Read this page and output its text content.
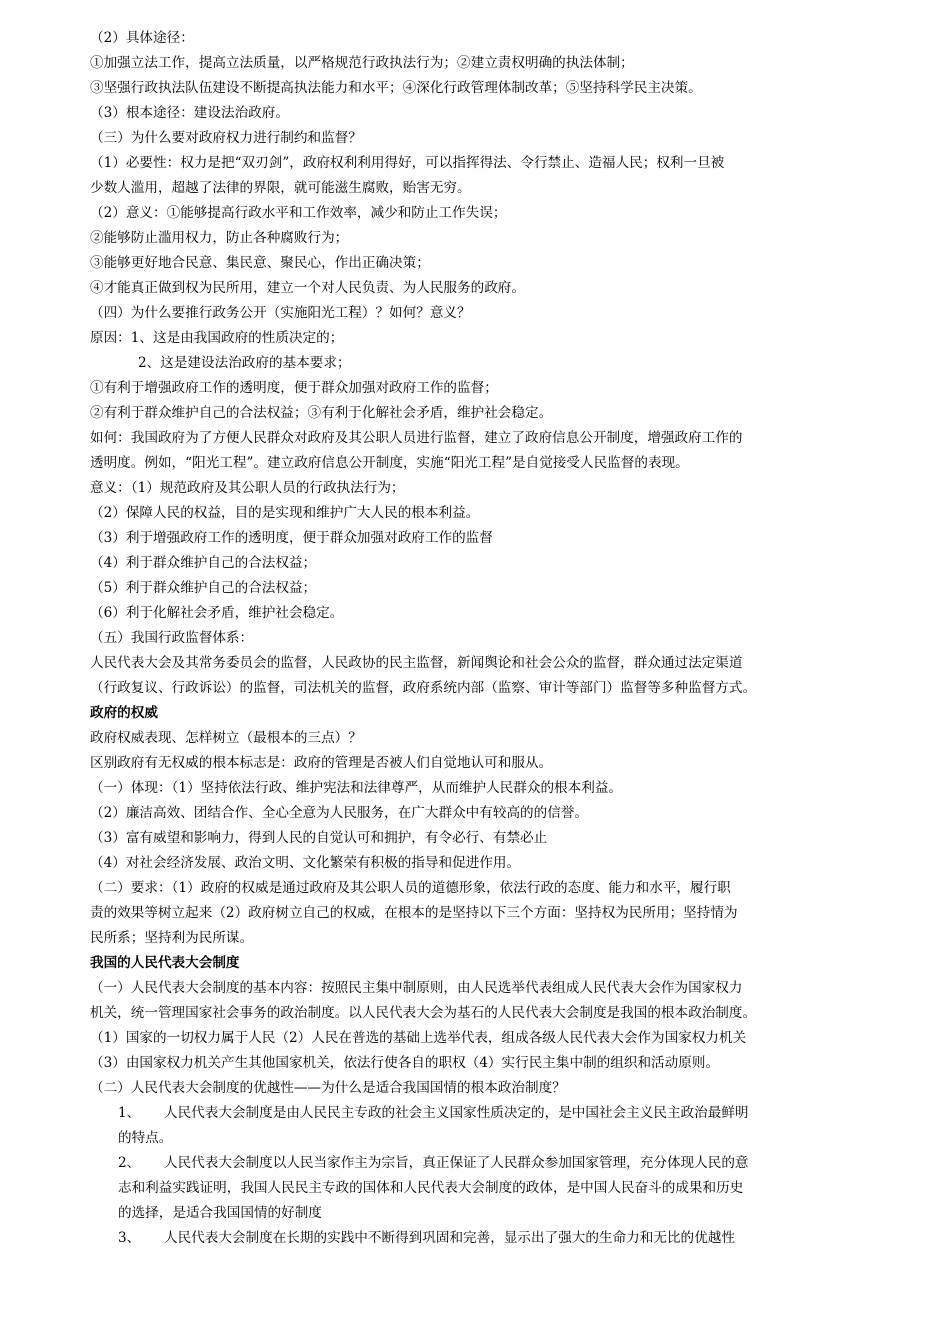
（2）具体途径：
①加强立法工作，提高立法质量，以严格规范行政执法行为；②建立责权明确的执法体制；
③坚强行政执法队伍建设不断提高执法能力和水平；④深化行政管理体制改革；⑤坚持科学民主决策。
（3）根本途径：建设法治政府。
（三）为什么要对政府权力进行制约和监督？
（1）必要性：权力是把“双刃剑”，政府权利利用得好，可以指挥得法、令行禁止、造福人民；权利一旦被
少数人滥用，超越了法律的界限，就可能滋生腐败，贻害无穷。
（2）意义：①能够提高行政水平和工作效率，减少和防止工作失误；
②能够防止滥用权力，防止各种腐败行为；
③能够更好地合民意、集民意、聚民心，作出正确决策；
④才能真正做到权为民所用，建立一个对人民负责、为人民服务的政府。
（四）为什么要推行政务公开（实施阳光工程）？如何？意义？
原因：1、这是由我国政府的性质决定的；
2、这是建设法治政府的基本要求；
①有利于增强政府工作的透明度，便于群众加强对政府工作的监督；
②有利于群众维护自己的合法权益；③有利于化解社会矛盾，维护社会稳定。
如何：我国政府为了方便人民群众对政府及其公职人员进行监督，建立了政府信息公开制度，增强政府工作的
透明度。例如，“阳光工程”。建立政府信息公开制度，实施“阳光工程”是自觉接受人民监督的表现。
意义：（1）规范政府及其公职人员的行政执法行为；
（2）保障人民的权益，目的是实现和维护广大人民的根本利益。
（3）利于增强政府工作的透明度，便于群众加强对政府工作的监督
（4）利于群众维护自己的合法权益；
（5）利于群众维护自己的合法权益；
（6）利于化解社会矛盾，维护社会稳定。
（五）我国行政监督体系：
人民代表大会及其常务委员会的监督，人民政协的民主监督，新闻舆论和社会公众的监督，群众通过法定渠道
（行政复议、行政诉讼）的监督，司法机关的监督，政府系统内部（监察、审计等部门）监督等多种监督方式。
政府的权威
政府权威表现、怎样树立（最根本的三点）？
区别政府有无权威的根本标志是：政府的管理是否被人们自觉地认可和服从。
（一）体现：（1）坚持依法行政、维护宪法和法律尊严，从而维护人民群众的根本利益。
（2）廉洁高效、团结合作、全心全意为人民服务，在广大群众中有较高的的信誉。
（3）富有威望和影响力，得到人民的自觉认可和拥护，有令必行、有禁必止
（4）对社会经济发展、政治文明、文化繁荣有积极的指导和促进作用。
（二）要求：（1）政府的权威是通过政府及其公职人员的道德形象，依法行政的态度、能力和水平，履行职
责的效果等树立起来（2）政府树立自己的权威，在根本的是坚持以下三个方面：坚持权为民所用；坚持情为
民所系；坚持利为民所谋。
我国的人民代表大会制度
（一）人民代表大会制度的基本内容：按照民主集中制原则，由人民选举代表组成人民代表大会作为国家权力
机关，统一管理国家社会事务的政治制度。以人民代表大会为基石的人民代表大会制度是我国的根本政治制度。
（1）国家的一切权力属于人民（2）人民在普选的基础上选举代表，组成各级人民代表大会作为国家权力机关
（3）由国家权力机关产生其他国家机关，依法行使各自的职权（4）实行民主集中制的组织和活动原则。
（二）人民代表大会制度的优越性——为什么是适合我国国情的根本政治制度？
1、 人民代表大会制度是由人民民主专政的社会主义国家性质决定的，是中国社会主义民主政治最鲜明
的特点。
2、 人民代表大会制度以人民当家作主为宗旨，真正保证了人民群众参加国家管理，充分体现人民的意
志和利益实践证明，我国人民民主专政的国体和人民代表大会制度的政体，是中国人民奋斗的成果和历史
的选择，是适合我国国情的好制度
3、 人民代表大会制度在长期的实践中不断得到巩固和完善，显示出了强大的生命力和无比的优越性
